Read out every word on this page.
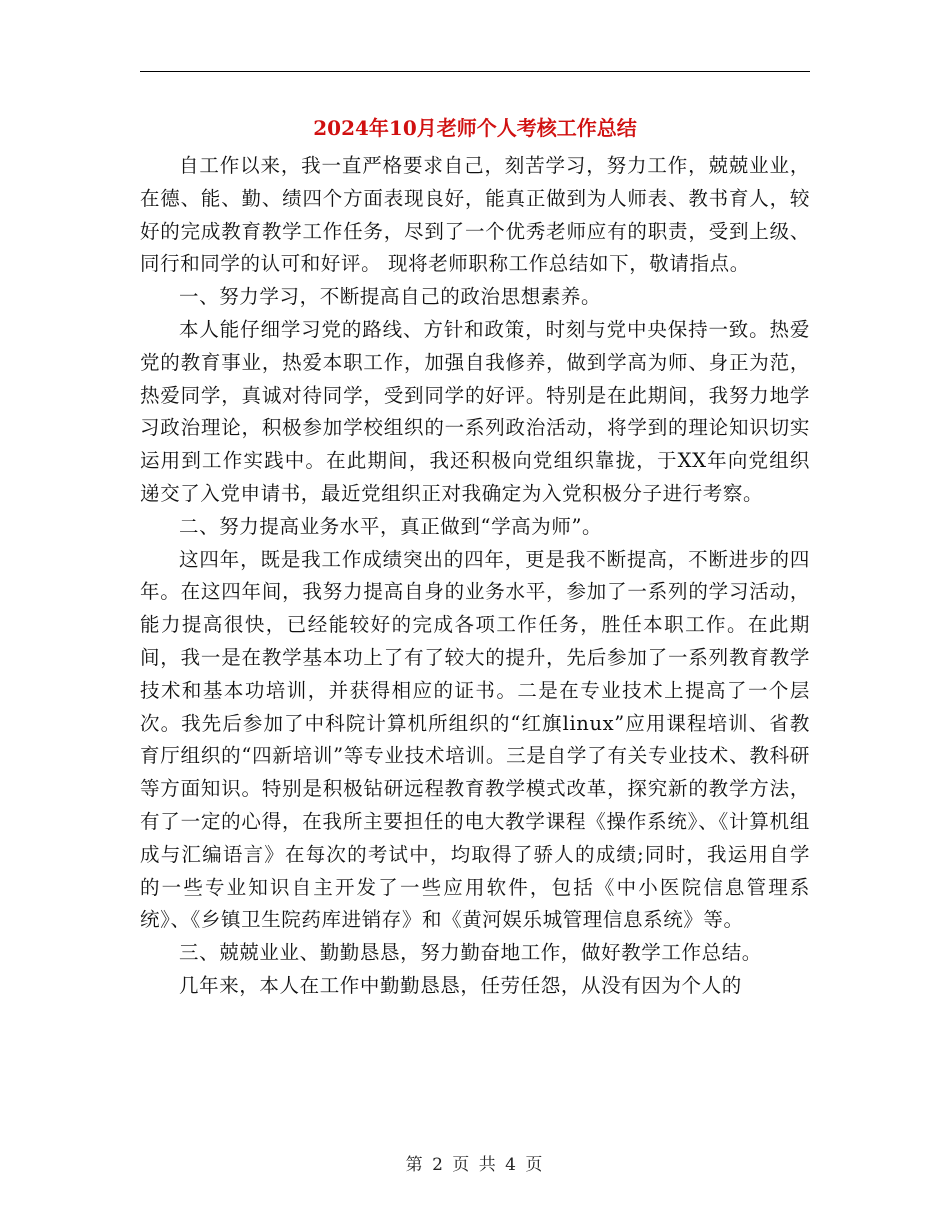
2024年10月老师个人考核工作总结

自工作以来，我一直严格要求自己，刻苦学习，努力工作，兢兢业业，在德、能、勤、绩四个方面表现良好，能真正做到为人师表、教书育人，较好的完成教育教学工作任务，尽到了一个优秀老师应有的职责，受到上级、同行和同学的认可和好评。 现将老师职称工作总结如下，敬请指点。

一、努力学习，不断提高自己的政治思想素养。

本人能仔细学习党的路线、方针和政策，时刻与党中央保持一致。热爱党的教育事业，热爱本职工作，加强自我修养，做到学高为师、身正为范，热爱同学，真诚对待同学，受到同学的好评。特别是在此期间，我努力地学习政治理论，积极参加学校组织的一系列政治活动，将学到的理论知识切实运用到工作实践中。在此期间，我还积极向党组织靠拢，于XX年向党组织递交了入党申请书，最近党组织正对我确定为入党积极分子进行考察。

二、努力提高业务水平，真正做到“学高为师”。

这四年，既是我工作成绩突出的四年，更是我不断提高，不断进步的四年。在这四年间，我努力提高自身的业务水平，参加了一系列的学习活动，能力提高很快，已经能较好的完成各项工作任务，胜任本职工作。在此期间，我一是在教学基本功上了有了较大的提升，先后参加了一系列教育教学技术和基本功培训，并获得相应的证书。二是在专业技术上提高了一个层次。我先后参加了中科院计算机所组织的“红旗linux”应用课程培训、省教育厅组织的“四新培训”等专业技术培训。三是自学了有关专业技术、教科研等方面知识。特别是积极钻研远程教育教学模式改革，探究新的教学方法，有了一定的心得，在我所主要担任的电大教学课程《操作系统》、《计算机组成与汇编语言》在每次的考试中，均取得了骄人的成绩;同时，我运用自学的一些专业知识自主开发了一些应用软件，包括《中小医院信息管理系统》、《乡镇卫生院药库进销存》和《黄河娱乐城管理信息系统》等。

三、兢兢业业、勤勤恳恳，努力勤奋地工作，做好教学工作总结。

几年来，本人在工作中勤勤恳恳，任劳任怨，从没有因为个人的

第 2 页 共 4 页
